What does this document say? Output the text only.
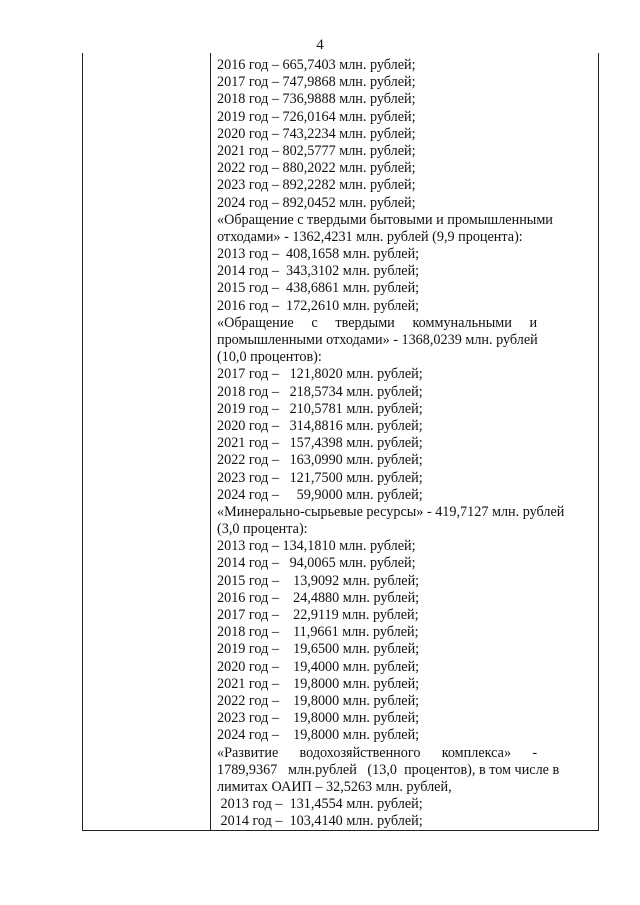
4
2016 год – 665,7403 млн. рублей;
2017 год – 747,9868 млн. рублей;
2018 год – 736,9888 млн. рублей;
2019 год – 726,0164 млн. рублей;
2020 год – 743,2234 млн. рублей;
2021 год – 802,5777 млн. рублей;
2022 год – 880,2022 млн. рублей;
2023 год – 892,2282 млн. рублей;
2024 год – 892,0452 млн. рублей;
«Обращение с твердыми бытовыми и промышленными
отходами» - 1362,4231 млн. рублей (9,9 процента):
2013 год –  408,1658 млн. рублей;
2014 год –  343,3102 млн. рублей;
2015 год –  438,6861 млн. рублей;
2016 год –  172,2610 млн. рублей;
«Обращение     с     твердыми     коммунальными     и
промышленными отходами» - 1368,0239 млн. рублей
(10,0 процентов):
2017 год –   121,8020 млн. рублей;
2018 год –   218,5734 млн. рублей;
2019 год –   210,5781 млн. рублей;
2020 год –   314,8816 млн. рублей;
2021 год –   157,4398 млн. рублей;
2022 год –   163,0990 млн. рублей;
2023 год –   121,7500 млн. рублей;
2024 год –     59,9000 млн. рублей;
«Минерально-сырьевые ресурсы» - 419,7127 млн. рублей
(3,0 процента):
2013 год – 134,1810 млн. рублей;
2014 год –   94,0065 млн. рублей;
2015 год –    13,9092 млн. рублей;
2016 год –    24,4880 млн. рублей;
2017 год –    22,9119 млн. рублей;
2018 год –    11,9661 млн. рублей;
2019 год –    19,6500 млн. рублей;
2020 год –    19,4000 млн. рублей;
2021 год –    19,8000 млн. рублей;
2022 год –    19,8000 млн. рублей;
2023 год –    19,8000 млн. рублей;
2024 год –    19,8000 млн. рублей;
«Развитие      водохозяйственного      комплекса»      -
1789,9367   млн.рублей   (13,0  процентов), в том числе в
лимитах ОАИП – 32,5263 млн. рублей,
2013 год –  131,4554 млн. рублей;
2014 год –  103,4140 млн. рублей;
